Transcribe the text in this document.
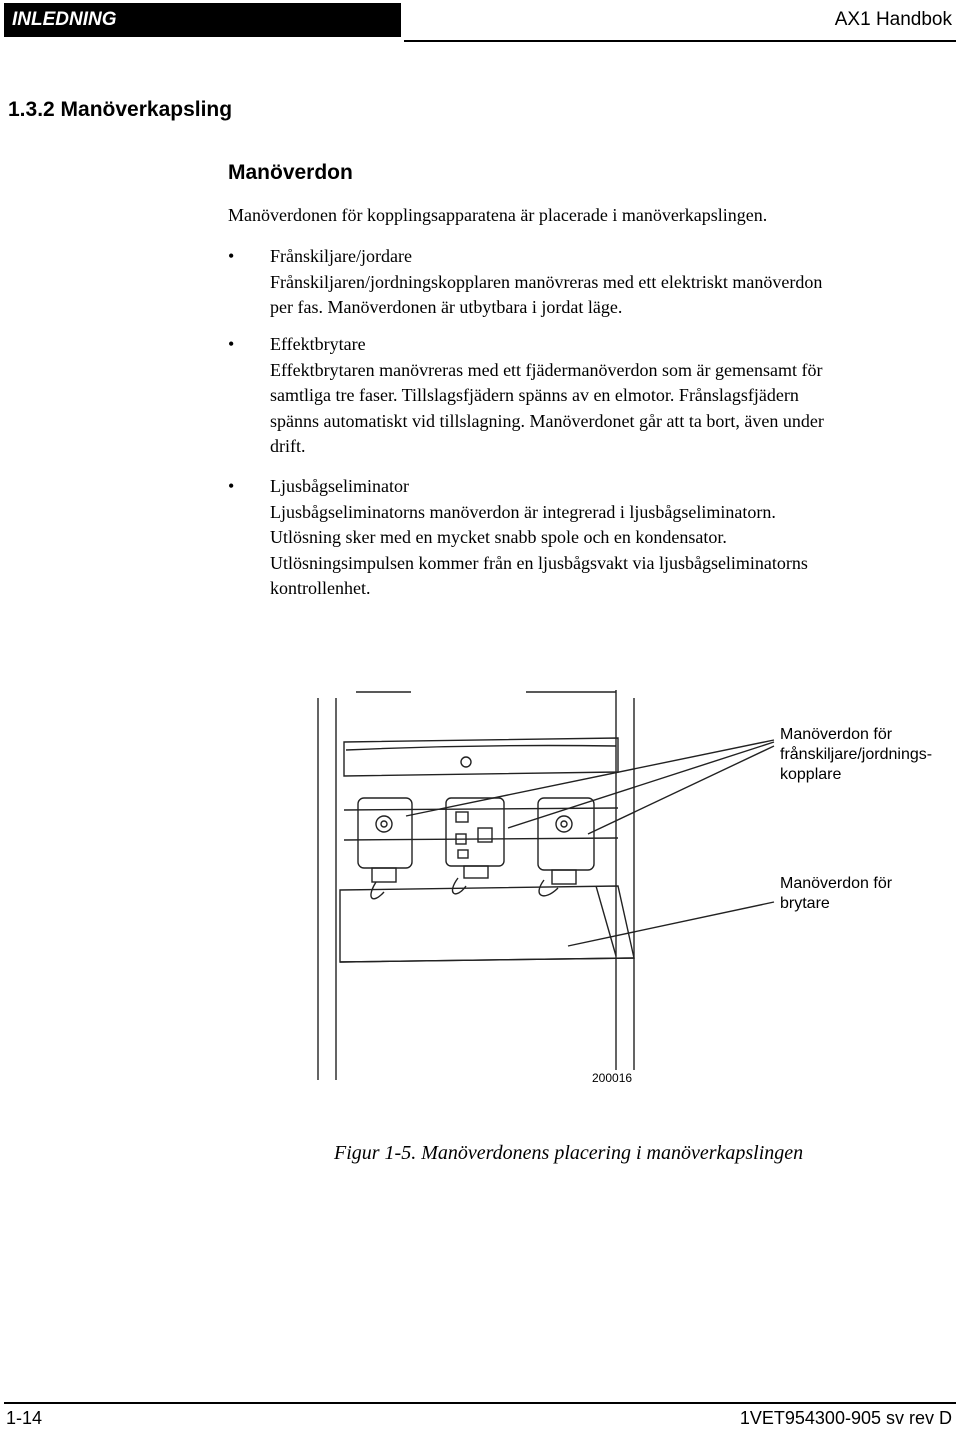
INLEDNING	AX1 Handbok
1.3.2 Manöverkapsling
Manöverdon
Manöverdonen för kopplingsapparatena är placerade i manöverkapslingen.
• Frånskiljare/jordare
Frånskiljaren/jordningskopplaren manövreras med ett elektriskt manöverdon
per fas. Manöverdonen är utbytbara i jordat läge.
• Effektbrytare
Effektbrytaren manövreras med ett fjädermanöverdon som är gemensamt för
samtliga tre faser. Tillslagsfjädern spänns av en elmotor. Frånslagsfjädern
spänns automatiskt vid tillslagning. Manöverdonet går att ta bort, även under
drift.
• Ljusbågseliminator
Ljusbågseliminatorns manöverdon är integrerad i ljusbågseliminatorn.
Utlösning sker med en mycket snabb spole och en kondensator.
Utlösningsimpulsen kommer från en ljusbågsvakt via ljusbågseliminatorns
kontrollenhet.
Manöverdon för
frånskiljare/jordnings-
kopplare
Manöverdon för
brytare
200016
Figur 1-5. Manöverdonens placering i manöverkapslingen
1-14	1VET954300-905 sv rev D
